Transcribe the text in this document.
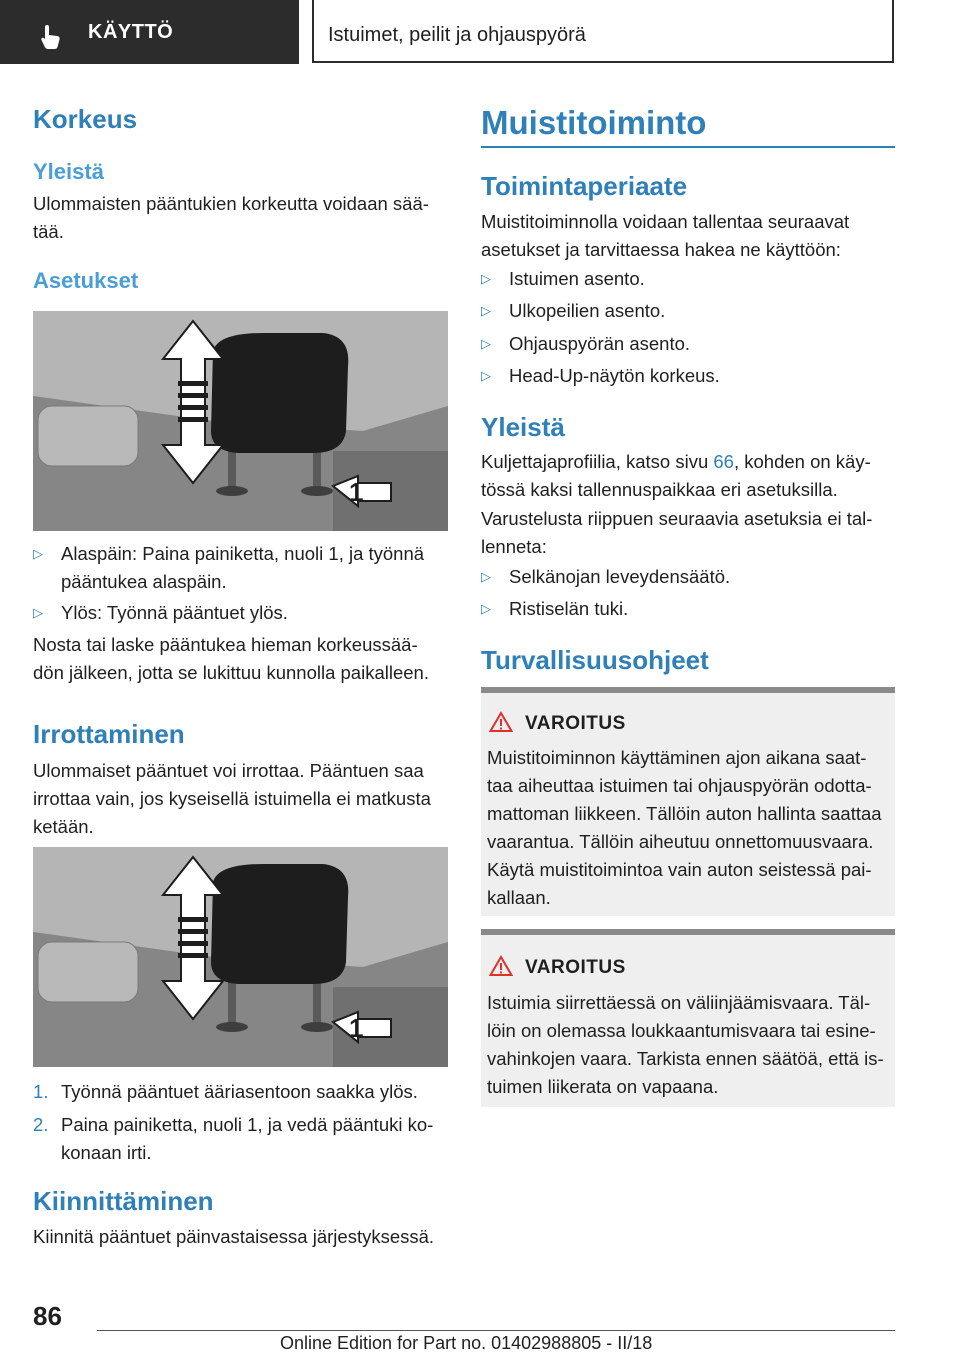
KÄYTTÖ	Istuimet, peilit ja ohjauspyörä
Korkeus
Yleistä
Ulommaisten pääntukien korkeutta voidaan sää-
tää.
Asetukset
1
▷ Alaspäin: Paina painiketta, nuoli 1, ja työnnä pääntukea alaspäin.
▷ Ylös: Työnnä pääntuet ylös.
Nosta tai laske pääntukea hieman korkeussää-
dön jälkeen, jotta se lukittuu kunnolla paikalleen.
Irrottaminen
Ulommaiset pääntuet voi irrottaa. Pääntuen saa irrottaa vain, jos kyseisellä istuimella ei matkusta ketään.
1
1. Työnnä pääntuet ääriasentoon saakka ylös.
2. Paina painiketta, nuoli 1, ja vedä pääntuki ko-
konaan irti.
Kiinnittäminen
Kiinnitä pääntuet päinvastaisessa järjestyksessä.
Muistitoiminto
Toimintaperiaate
Muistitoiminnolla voidaan tallentaa seuraavat asetukset ja tarvittaessa hakea ne käyttöön:
▷ Istuimen asento.
▷ Ulkopeilien asento.
▷ Ohjauspyörän asento.
▷ Head-Up-näytön korkeus.
Yleistä
Kuljettajaprofiilia, katso sivu 66, kohden on käy-
tössä kaksi tallennuspaikkaa eri asetuksilla.
Varustelusta riippuen seuraavia asetuksia ei tal-
lenneta:
▷ Selkänojan leveydensäätö.
▷ Ristiselän tuki.
Turvallisuusohjeet
VAROITUS
Muistitoiminnon käyttäminen ajon aikana saat-
taa aiheuttaa istuimen tai ohjauspyörän odotta-
mattoman liikkeen. Tällöin auton hallinta saattaa
vaarantua. Tällöin aiheutuu onnettomuusvaara.
Käytä muistitoimintoa vain auton seistessä pai-
kallaan.
VAROITUS
Istuimia siirrettäessä on väliinjäämisvaara. Täl-
löin on olemassa loukkaantumisvaara tai esine-
vahinkojen vaara. Tarkista ennen säätöä, että is-
tuimen liikerata on vapaana.
86
Online Edition for Part no. 01402988805 - II/18
